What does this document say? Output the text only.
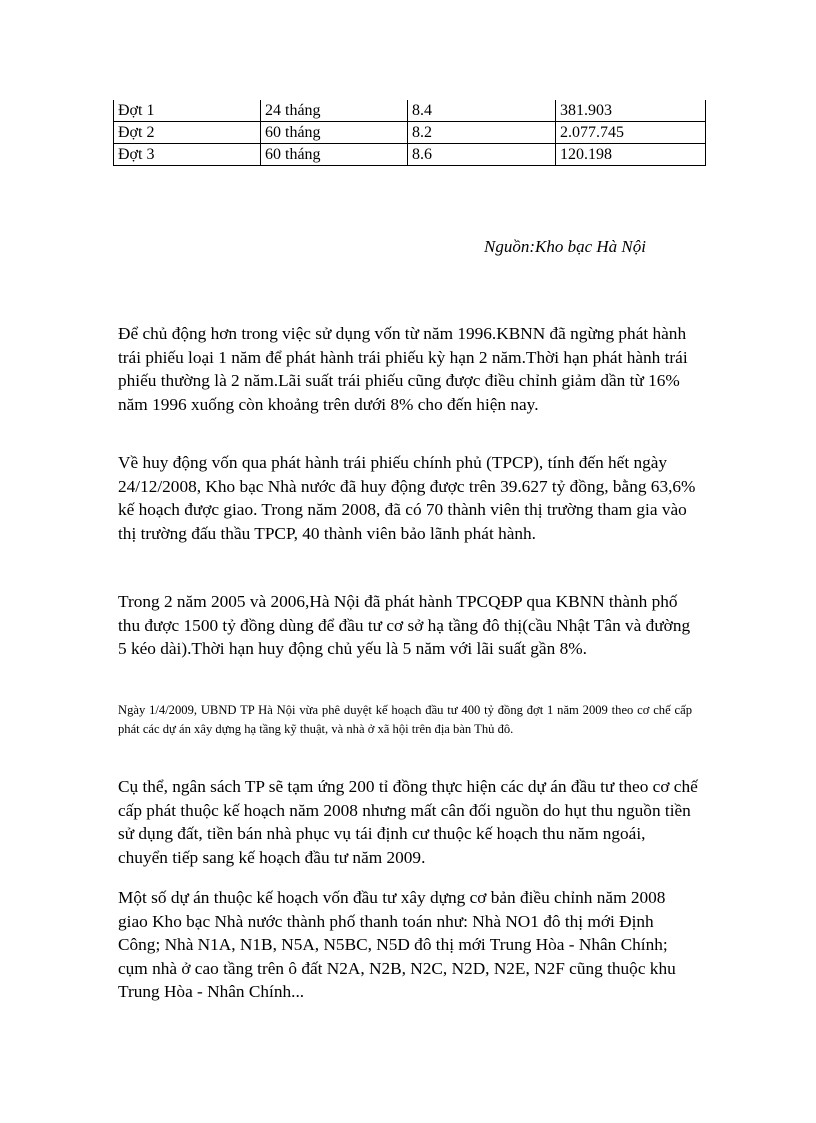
Đợt 1	24 tháng	8.4	381.903
Đợt 2	60 tháng	8.2	2.077.745
Đợt 3	60 tháng	8.6	120.198
Nguồn:Kho bạc Hà Nội

Để chủ động hơn trong việc sử dụng vốn từ năm 1996.KBNN đã ngừng phát hành trái phiếu loại 1 năm để phát hành trái phiếu kỳ hạn 2 năm.Thời hạn phát hành trái phiếu thường là 2 năm.Lãi suất trái phiếu cũng được điều chỉnh giảm dần từ 16% năm 1996 xuống còn khoảng trên dưới 8% cho đến hiện nay.

Về huy động vốn qua phát hành trái phiếu chính phủ (TPCP), tính đến hết ngày 24/12/2008, Kho bạc Nhà nước đã huy động được trên 39.627 tỷ đồng, bằng 63,6% kế hoạch được giao. Trong năm 2008, đã có 70 thành viên thị trường tham gia vào thị trường đấu thầu TPCP, 40 thành viên bảo lãnh phát hành.

Trong 2 năm 2005 và 2006,Hà Nội đã phát hành TPCQĐP qua KBNN thành phố thu được 1500 tỷ đồng dùng để đầu tư cơ sở hạ tầng đô thị(cầu Nhật Tân và đường 5 kéo dài).Thời hạn huy động chủ yếu là 5 năm với lãi suất gần 8%.

Ngày 1/4/2009, UBND TP Hà Nội vừa phê duyệt kế hoạch đầu tư 400 tỷ đồng đợt 1 năm 2009 theo cơ chế cấp phát các dự án xây dựng hạ tầng kỹ thuật, và nhà ở xã hội trên địa bàn Thủ đô.

Cụ thể, ngân sách TP sẽ tạm ứng 200 tỉ đồng thực hiện các dự án đầu tư theo cơ chế cấp phát thuộc kế hoạch năm 2008 nhưng mất cân đối nguồn do hụt thu nguồn tiền sử dụng đất, tiền bán nhà phục vụ tái định cư thuộc kế hoạch thu năm ngoái, chuyển tiếp sang kế hoạch đầu tư năm 2009.

Một số dự án thuộc kế hoạch vốn đầu tư xây dựng cơ bản điều chỉnh năm 2008 giao Kho bạc Nhà nước thành phố thanh toán như: Nhà NO1 đô thị mới Định Công; Nhà N1A, N1B, N5A, N5BC, N5D đô thị mới Trung Hòa - Nhân Chính; cụm nhà ở cao tầng trên ô đất N2A, N2B, N2C, N2D, N2E, N2F cũng thuộc khu Trung Hòa - Nhân Chính...
